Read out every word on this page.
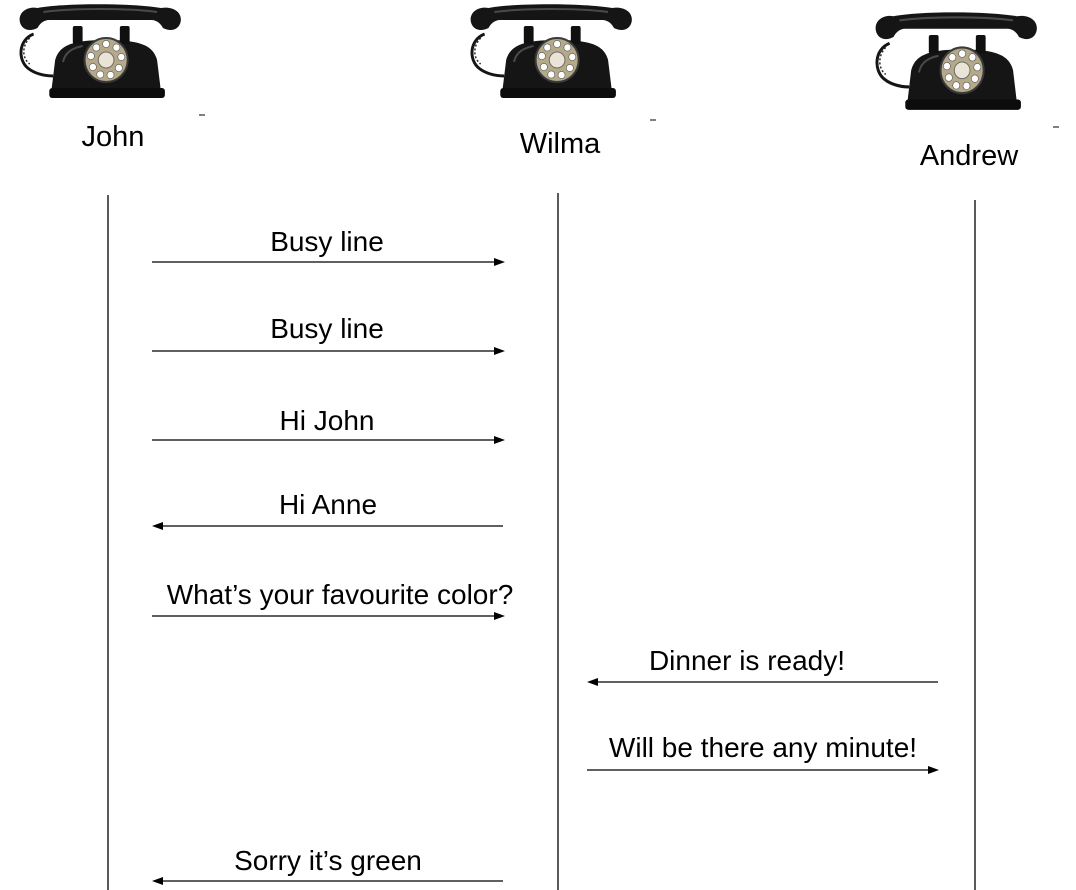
John	Wilma	Andrew
Busy line
Busy line
Hi John
Hi Anne
What’s your favourite color?
Dinner is ready!
Will be there any minute!
Sorry it’s green
